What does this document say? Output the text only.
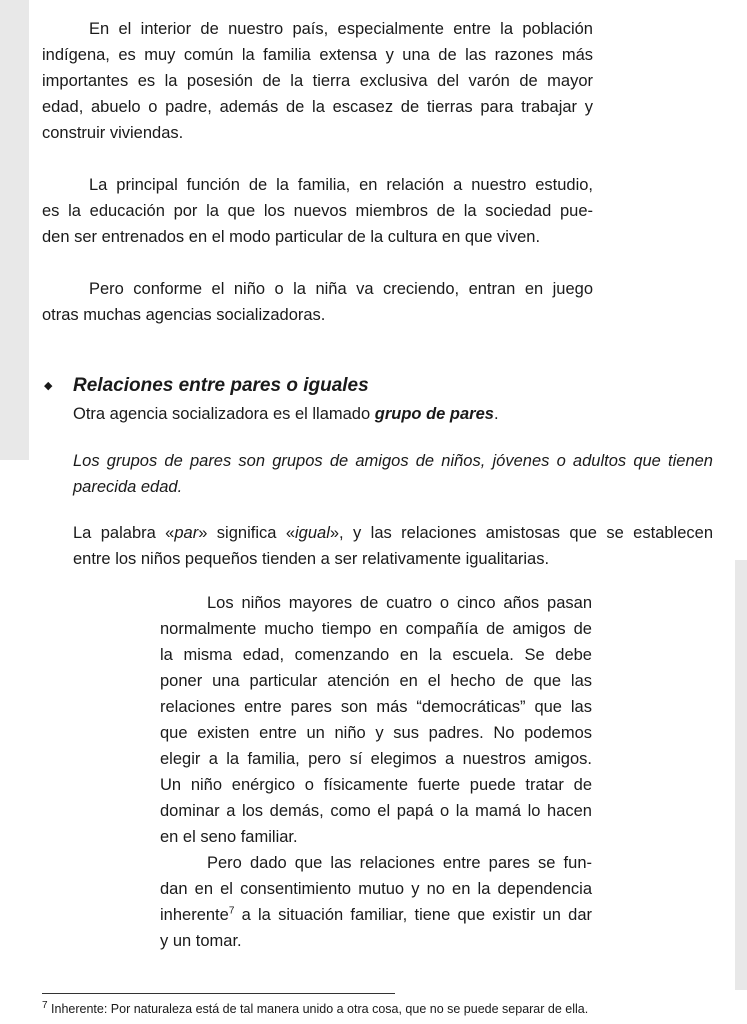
En el interior de nuestro país, especialmente entre la población
indígena, es muy común la familia extensa y una de las razones más
importantes es la posesión de la tierra exclusiva del varón de mayor
edad, abuelo o padre, además de la escasez de tierras para trabajar y
construir viviendas.
La principal función de la familia, en relación a nuestro estudio,
es la educación por la que los nuevos miembros de la sociedad pue-
den ser entrenados en el modo particular de la cultura en que viven.
Pero conforme el niño o la niña va creciendo, entran en juego
otras muchas agencias socializadoras.
◆ Relaciones entre pares o iguales

Otra agencia socializadora es el llamado grupo de pares.

Los grupos de pares son grupos de amigos de niños, jóvenes o adultos que tienen
parecida edad.
La palabra «par» significa «igual», y las relaciones amistosas que se establecen
entre los niños pequeños tienden a ser relativamente igualitarias.
Los niños mayores de cuatro o cinco años pasan
normalmente mucho tiempo en compañía de amigos de
la misma edad, comenzando en la escuela. Se debe
poner una particular atención en el hecho de que las
relaciones entre pares son más “democráticas” que las
que existen entre un niño y sus padres. No podemos
elegir a la familia, pero sí elegimos a nuestros amigos.
Un niño enérgico o físicamente fuerte puede tratar de
dominar a los demás, como el papá o la mamá lo hacen
en el seno familiar.
Pero dado que las relaciones entre pares se fun-
dan en el consentimiento mutuo y no en la dependencia
inherente$^7$ a la situación familiar, tiene que existir un dar
y un tomar.

$^7$ Inherente: Por naturaleza está de tal manera unido a otra cosa, que no se puede separar de ella.
